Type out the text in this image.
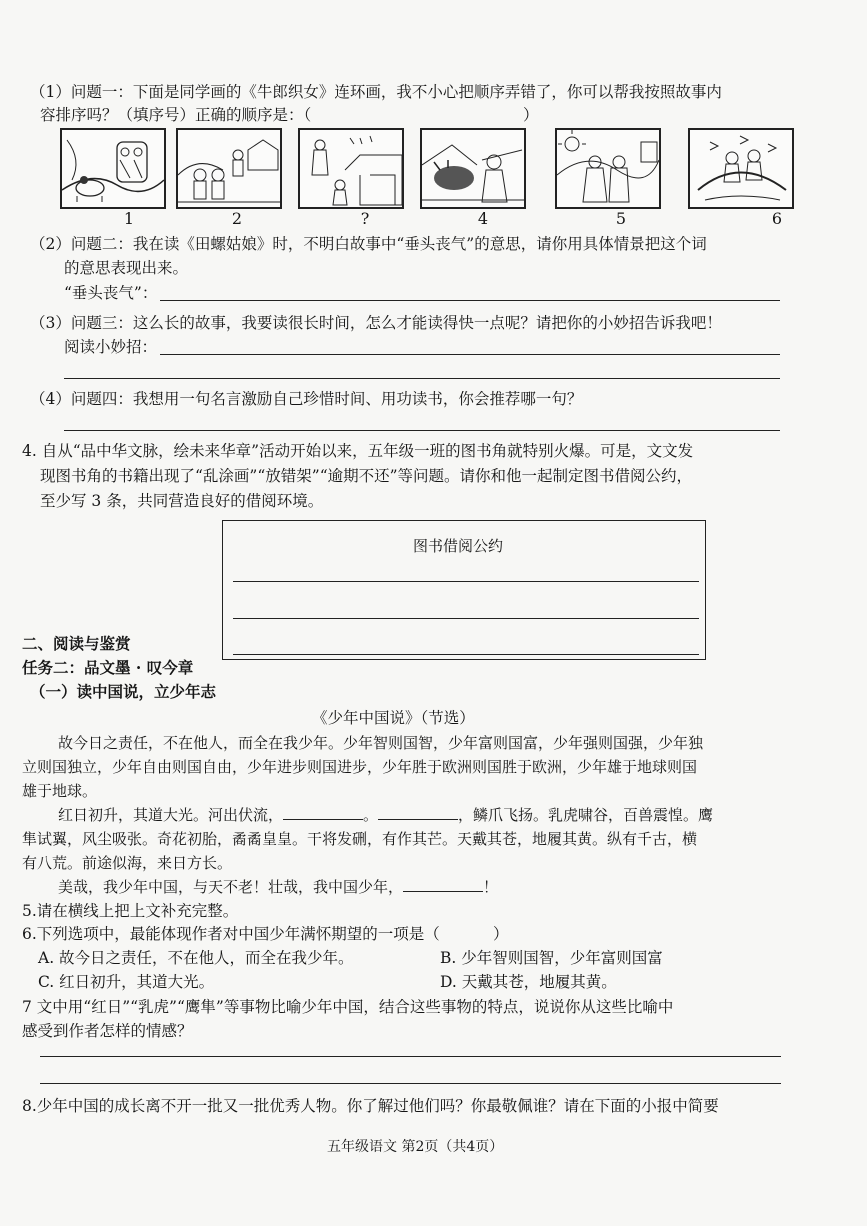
（1）问题一：下面是同学画的《牛郎织女》连环画，我不小心把顺序弄错了，你可以帮我按照故事内
容排序吗？（填序号）正确的顺序是：（	）
1	2	?	4	5	6
（2）问题二：我在读《田螺姑娘》时，不明白故事中“垂头丧气”的意思，请你用具体情景把这个词
的意思表现出来。
“垂头丧气”：
（3）问题三：这么长的故事，我要读很长时间，怎么才能读得快一点呢？请把你的小妙招告诉我吧！
阅读小妙招：
（4）问题四：我想用一句名言激励自己珍惜时间、用功读书，你会推荐哪一句？
4. 自从“品中华文脉，绘未来华章”活动开始以来，五年级一班的图书角就特别火爆。可是，文文发
现图书角的书籍出现了“乱涂画”“放错架”“逾期不还”等问题。请你和他一起制定图书借阅公约，
至少写 3 条，共同营造良好的借阅环境。
图书借阅公约
二、阅读与鉴赏
任务二：品文墨 · 叹今章
（一）读中国说，立少年志
《少年中国说》（节选）
故今日之责任，不在他人，而全在我少年。少年智则国智，少年富则国富，少年强则国强，少年独
立则国独立，少年自由则国自由，少年进步则国进步，少年胜于欧洲则国胜于欧洲，少年雄于地球则国
雄于地球。
红日初升，其道大光。河出伏流，	。	，鳞爪飞扬。乳虎啸谷，百兽震惶。鹰
隼试翼，风尘吸张。奇花初胎，矞矞皇皇。干将发硎，有作其芒。天戴其苍，地履其黄。纵有千古，横
有八荒。前途似海，来日方长。
美哉，我少年中国，与天不老！壮哉，我中国少年，	！
5.请在横线上把上文补充完整。
6.下列选项中，最能体现作者对中国少年满怀期望的一项是（	）
A. 故今日之责任，不在他人，而全在我少年。	B. 少年智则国智，少年富则国富
C. 红日初升，其道大光。	D. 天戴其苍，地履其黄。
7 文中用“红日”“乳虎”“鹰隼”等事物比喻少年中国，结合这些事物的特点，说说你从这些比喻中
感受到作者怎样的情感？
8.少年中国的成长离不开一批又一批优秀人物。你了解过他们吗？你最敬佩谁？请在下面的小报中简要
五年级语文 第2页（共4页）
